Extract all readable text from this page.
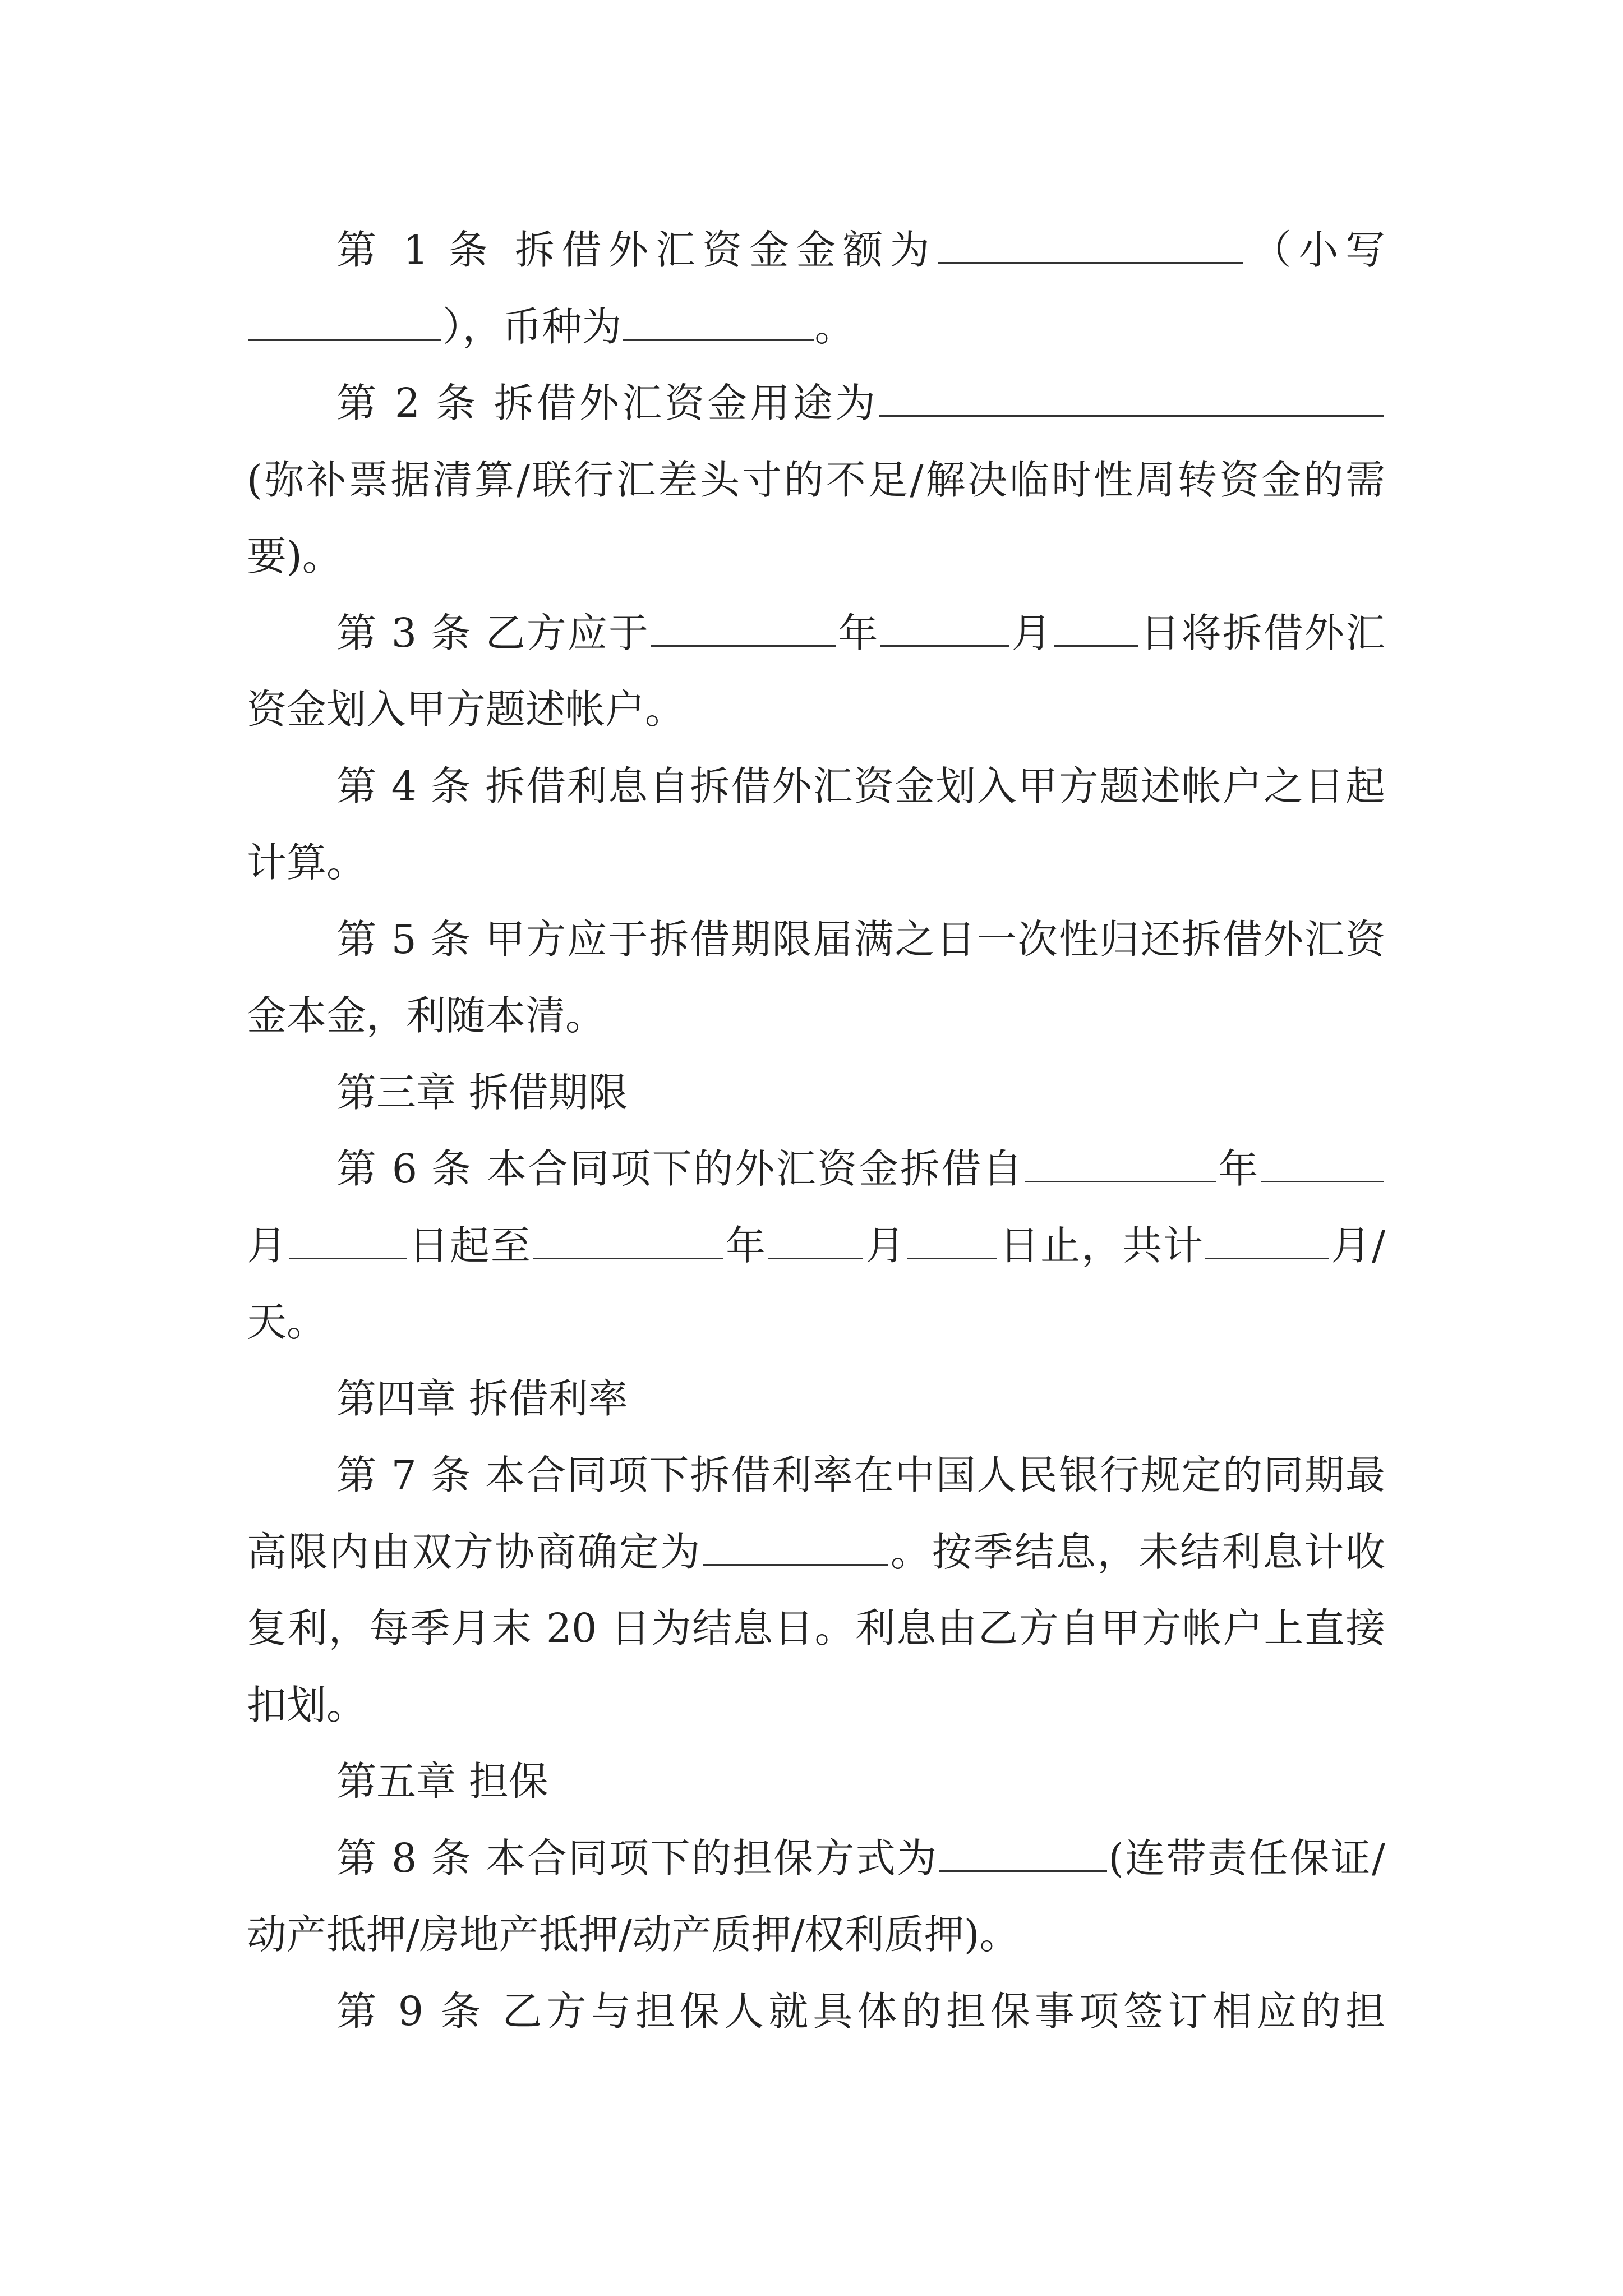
第 1 条 拆借外汇资金金额为	（小写），币种为	。

第 2 条 拆借外汇资金用途为(弥补票据清算/联行汇差头寸的不足/解决临时性周转资金的需要)。

第 3 条 乙方应于	年	月 日将拆借外汇资金划入甲方题述帐户。

第 4 条 拆借利息自拆借外汇资金划入甲方题述帐户之日起计算。

第 5 条 甲方应于拆借期限届满之日一次性归还拆借外汇资金本金，利随本清。

第三章 拆借期限

第 6 条 本合同项下的外汇资金拆借自	年月	日起至	年 月 日止，共计	月/天。

第四章 拆借利率

第 7 条 本合同项下拆借利率在中国人民银行规定的同期最高限内由双方协商确定为	。按季结息，未结利息计收复利，每季月末 20 日为结息日。利息由乙方自甲方帐户上直接扣划。

第五章 担保

第 8 条 本合同项下的担保方式为	(连带责任保证/动产抵押/房地产抵押/动产质押/权利质押)。

第 9 条 乙方与担保人就具体的担保事项签订相应的担
